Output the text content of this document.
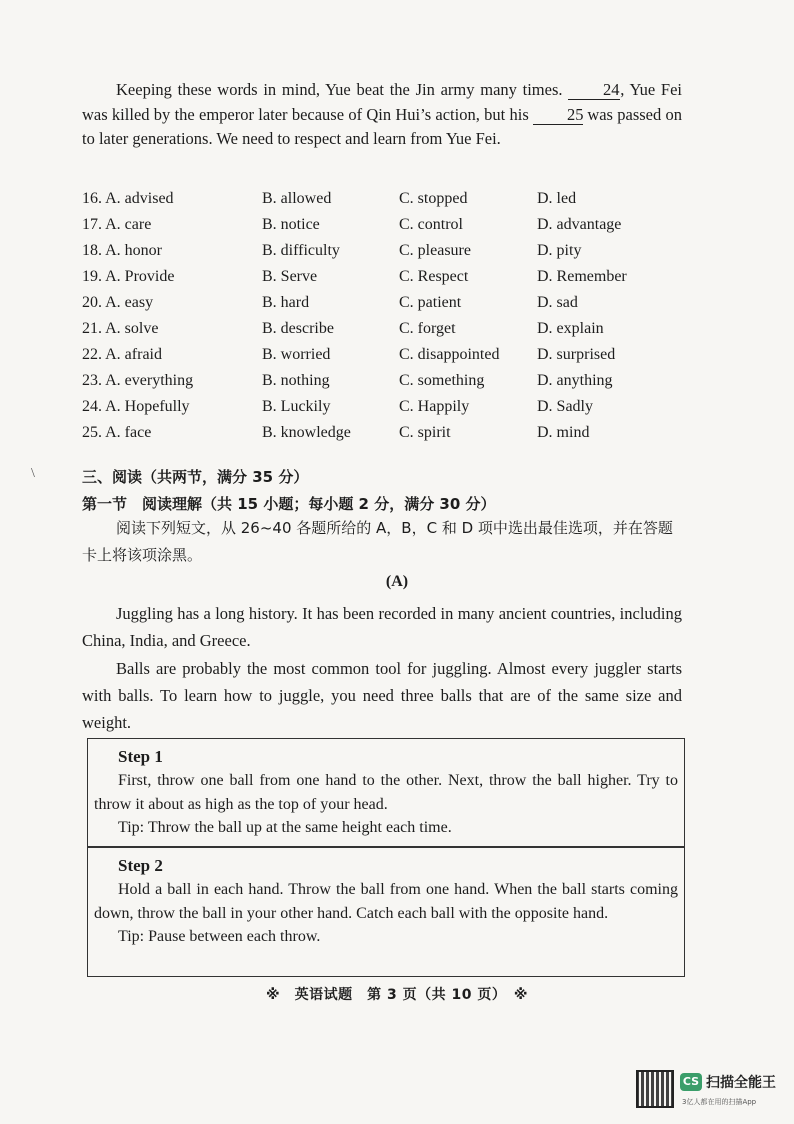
Keeping these words in mind, Yue beat the Jin army many times. 24, Yue Fei was killed by the emperor later because of Qin Hui’s action, but his 25 was passed on to later generations. We need to respect and learn from Yue Fei.
16. A. advised	B. allowed	C. stopped	D. led
17. A. care	B. notice	C. control	D. advantage
18. A. honor	B. difficulty	C. pleasure	D. pity
19. A. Provide	B. Serve	C. Respect	D. Remember
20. A. easy	B. hard	C. patient	D. sad
21. A. solve	B. describe	C. forget	D. explain
22. A. afraid	B. worried	C. disappointed D. surprised
23. A. everything	B. nothing	C. something	D. anything
24. A. Hopefully	B. Luckily	C. Happily	D. Sadly
25. A. face	B. knowledge	C. spirit	D. mind
\	三、阅读（共两节，满分 35 分）
第一节　阅读理解（共 15 小题；每小题 2 分，满分 30 分）
阅读下列短文，从 26~40 各题所给的 A，B，C 和 D 项中选出最佳选项，并在答题卡上将该项涂黑。
(A)
Juggling has a long history. It has been recorded in many ancient countries, including China, India, and Greece.
Balls are probably the most common tool for juggling. Almost every juggler starts with balls. To learn how to juggle, you need three balls that are of the same size and weight.
Step 1
First, throw one ball from one hand to the other. Next, throw the ball higher. Try to throw it about as high as the top of your head.
Tip: Throw the ball up at the same height each time.
Step 2
Hold a ball in each hand. Throw the ball from one hand. When the ball starts coming down, throw the ball in your other hand. Catch each ball with the opposite hand.
Tip: Pause between each throw.
※　英语试题　第 3 页（共 10 页）　※
CS 扫描全能王
3亿人都在用的扫描App
